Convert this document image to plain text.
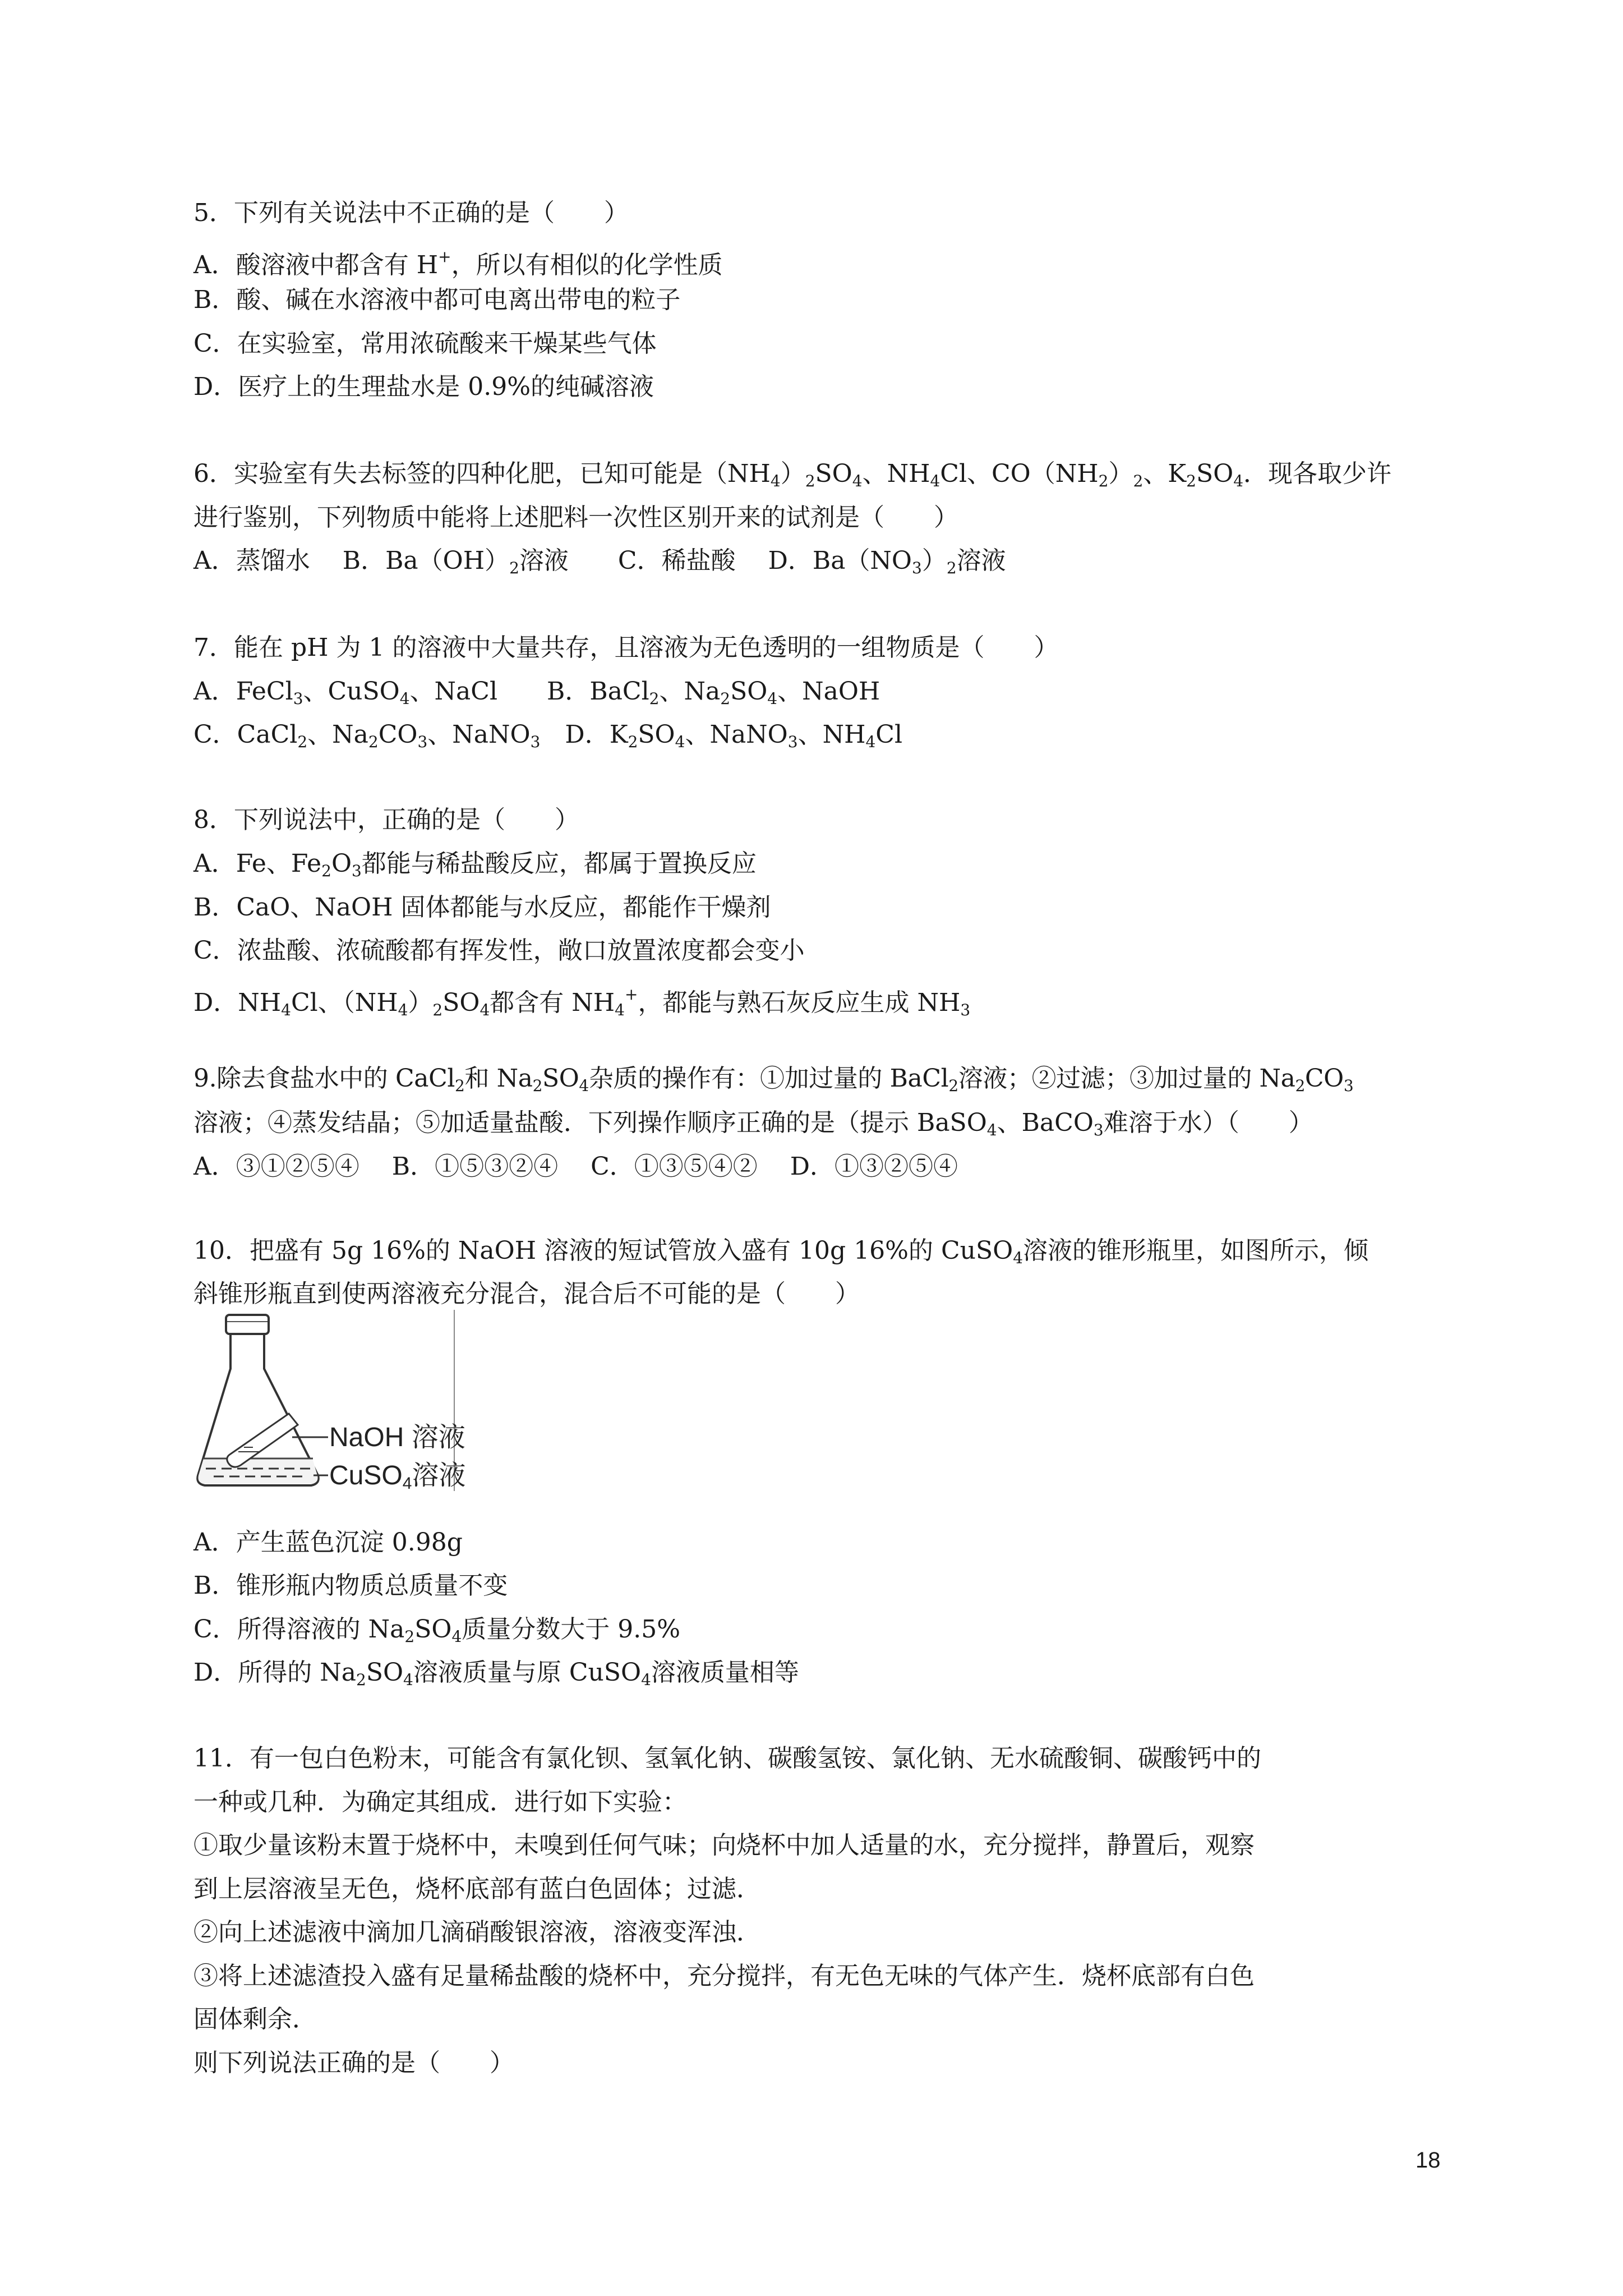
5．下列有关说法中不正确的是（　　）
A．酸溶液中都含有 H+，所以有相似的化学性质
B．酸、碱在水溶液中都可电离出带电的粒子
C．在实验室，常用浓硫酸来干燥某些气体
D．医疗上的生理盐水是 0.9%的纯碱溶液
6．实验室有失去标签的四种化肥，已知可能是$(NH_4)_2SO_4$、$NH_4Cl$、$CO(NH_2)_2$、$K_2SO_4$．现各取少许
进行鉴别，下列物质中能将上述肥料一次性区别开来的试剂是（　　）
A．蒸馏水　 B．$Ba(OH)_2$溶液　　C．稀盐酸　 D．$Ba(NO_3)_2$溶液
7．能在 pH 为 1 的溶液中大量共存，且溶液为无色透明的一组物质是（　　）
A．FeCl$_3$、CuSO$_4$、NaCl　　B．BaCl$_2$、$Na_2SO_4$、NaOH
C．CaCl$_2$、$Na_2CO_3$、NaNO$_3$　D．$K_2SO_4$、NaNO$_3$、$NH_4Cl$
8．下列说法中，正确的是（　　）
A．Fe、$Fe_2O_3$都能与稀盐酸反应，都属于置换反应
B．CaO、NaOH 固体都能与水反应，都能作干燥剂
C．浓盐酸、浓硫酸都有挥发性，敞口放置浓度都会变小
D．$NH_4Cl$、$(NH_4)_2SO_4$都含有 $NH_4^+$，都能与熟石灰反应生成 $NH_3$
9.除去食盐水中的 CaCl$_2$和 $Na_2SO_4$杂质的操作有：①加过量的 BaCl$_2$溶液；②过滤；③加过量的 $Na_2CO_3$
溶液；④蒸发结晶；⑤加适量盐酸．下列操作顺序正确的是（提示 BaSO$_4$、BaCO$_3$难溶于水）（　　）
A．③①②⑤④　 B．①⑤③②④　 C．①③⑤④②　 D．①③②⑤④
10．把盛有 5g 16%的 NaOH 溶液的短试管放入盛有 10g 16%的 CuSO$_4$溶液的锥形瓶里，如图所示，倾
斜锥形瓶直到使两溶液充分混合，混合后不可能的是（　　）
NaOH 溶液
CuSO4溶液
A．产生蓝色沉淀 0.98g
B．锥形瓶内物质总质量不变
C．所得溶液的 $Na_2SO_4$质量分数大于 9.5%
D．所得的 $Na_2SO_4$溶液质量与原 CuSO$_4$溶液质量相等
11．有一包白色粉末，可能含有氯化钡、氢氧化钠、碳酸氢铵、氯化钠、无水硫酸铜、碳酸钙中的
一种或几种．为确定其组成．进行如下实验：
①取少量该粉末置于烧杯中，未嗅到任何气味；向烧杯中加人适量的水，充分搅拌，静置后，观察
到上层溶液呈无色，烧杯底部有蓝白色固体；过滤．
②向上述滤液中滴加几滴硝酸银溶液，溶液变浑浊．
③将上述滤渣投入盛有足量稀盐酸的烧杯中，充分搅拌，有无色无味的气体产生．烧杯底部有白色
固体剩余．
则下列说法正确的是（　　）
18
